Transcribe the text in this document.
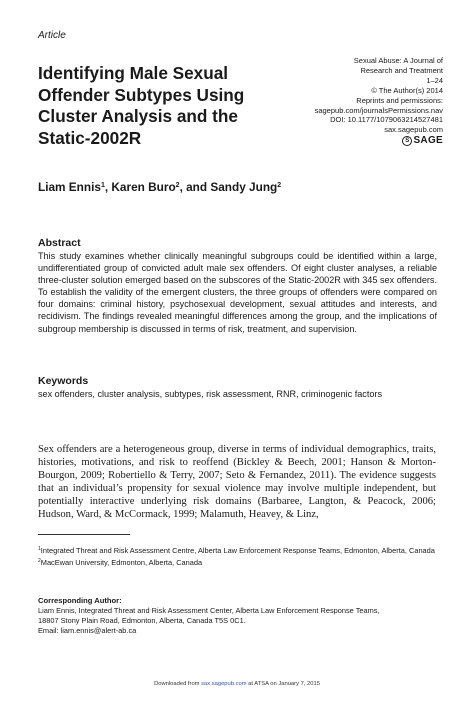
Article
Identifying Male Sexual
Offender Subtypes Using
Cluster Analysis and the
Static-2002R
Sexual Abuse: A Journal of
Research and Treatment
1–24
© The Author(s) 2014
Reprints and permissions:
sagepub.com/journalsPermissions.nav
DOI: 10.1177/1079063214527481
sax.sagepub.com
S SAGE
Liam Ennis$^1$, Karen Buro$^2$, and Sandy Jung$^2$
Abstract
This study examines whether clinically meaningful subgroups could be identified within a large, undifferentiated group of convicted adult male sex offenders. Of eight cluster analyses, a reliable three-cluster solution emerged based on the subscores of the Static-2002R with 345 sex offenders. To establish the validity of the emergent clusters, the three groups of offenders were compared on four domains: criminal history, psychosexual development, sexual attitudes and interests, and recidivism. The findings revealed meaningful differences among the group, and the implications of subgroup membership is discussed in terms of risk, treatment, and supervision.
Keywords
sex offenders, cluster analysis, subtypes, risk assessment, RNR, criminogenic factors
Sex offenders are a heterogeneous group, diverse in terms of individual demographics, traits, histories, motivations, and risk to reoffend (Bickley & Beech, 2001; Hanson & Morton-Bourgon, 2009; Robertiello & Terry, 2007; Seto & Fernandez, 2011). The evidence suggests that an individual’s propensity for sexual violence may involve multiple independent, but potentially interactive underlying risk domains (Barbaree, Langton, & Peacock, 2006; Hudson, Ward, & McCormack, 1999; Malamuth, Heavey, & Linz,
$^1$Integrated Threat and Risk Assessment Centre, Alberta Law Enforcement Response Teams, Edmonton, Alberta, Canada
$^2$MacEwan University, Edmonton, Alberta, Canada
Corresponding Author:
Liam Ennis, Integrated Threat and Risk Assessment Center, Alberta Law Enforcement Response Teams,
18807 Stony Plain Road, Edmonton, Alberta, Canada T5S 0C1.
Email: liam.ennis@alert-ab.ca
Downloaded from sax.sagepub.com at ATSA on January 7, 2015
